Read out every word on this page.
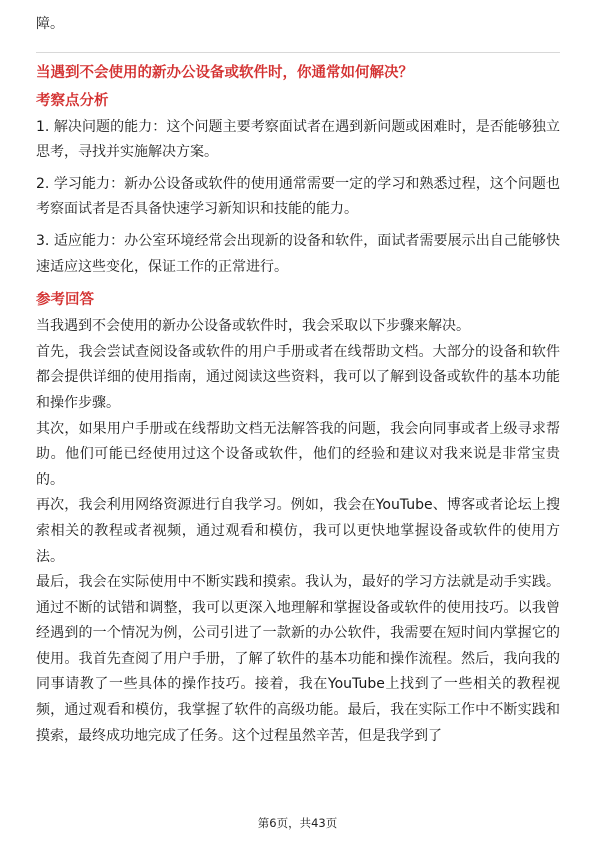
障。

当遇到不会使用的新办公设备或软件时，你通常如何解决？

考察点分析

1. 解决问题的能力：这个问题主要考察面试者在遇到新问题或困难时，是否能够独立思考，寻找并实施解决方案。

2. 学习能力：新办公设备或软件的使用通常需要一定的学习和熟悉过程，这个问题也考察面试者是否具备快速学习新知识和技能的能力。

3. 适应能力：办公室环境经常会出现新的设备和软件，面试者需要展示出自己能够快速适应这些变化，保证工作的正常进行。

参考回答

当我遇到不会使用的新办公设备或软件时，我会采取以下步骤来解决。

首先，我会尝试查阅设备或软件的用户手册或者在线帮助文档。大部分的设备和软件都会提供详细的使用指南，通过阅读这些资料，我可以了解到设备或软件的基本功能和操作步骤。

其次，如果用户手册或在线帮助文档无法解答我的问题，我会向同事或者上级寻求帮助。他们可能已经使用过这个设备或软件，他们的经验和建议对我来说是非常宝贵的。

再次，我会利用网络资源进行自我学习。例如，我会在YouTube、博客或者论坛上搜索相关的教程或者视频，通过观看和模仿，我可以更快地掌握设备或软件的使用方法。

最后，我会在实际使用中不断实践和摸索。我认为，最好的学习方法就是动手实践。通过不断的试错和调整，我可以更深入地理解和掌握设备或软件的使用技巧。以我曾经遇到的一个情况为例，公司引进了一款新的办公软件，我需要在短时间内掌握它的使用。我首先查阅了用户手册，了解了软件的基本功能和操作流程。然后，我向我的同事请教了一些具体的操作技巧。接着，我在YouTube上找到了一些相关的教程视频，通过观看和模仿，我掌握了软件的高级功能。最后，我在实际工作中不断实践和摸索，最终成功地完成了任务。这个过程虽然辛苦，但是我学到了

第6页，共43页
